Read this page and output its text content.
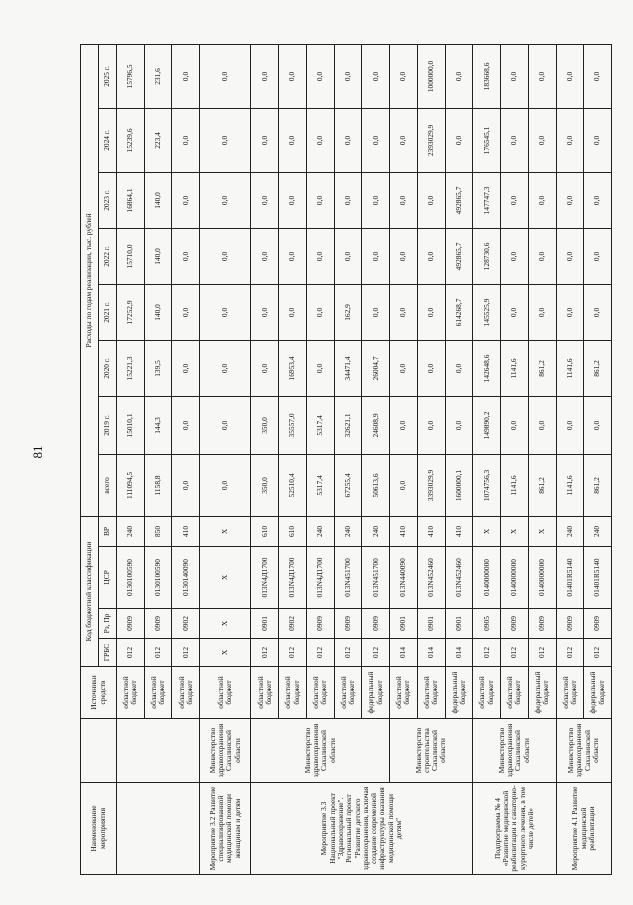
81
Наименование мероприятия		Источники средств	Код бюджетной классификации				Расходы по годам реализации, тыс. рублей							
			ГРБС	Рз, Пр	ЦСР	ВР	всего	2019 г.	2020 г.	2021 г.	2022 г.	2023 г.	2024 г.	2025 г.
		областной бюджет	012	0909	0130100590	240	111094,5	15010,1	15221,3	17252,9	15710,0	16864,1	15239,6	15796,5
		областной бюджет	012	0909	0130100590	850	1158,8	144,3	139,5	140,0	140,0	140,0	223,4	231,6
		областной бюджет	012	0902	0130140090	410	0,0	0,0	0,0	0,0	0,0	0,0	0,0	0,0
Мероприятие 3.2 Развитие специализированной медицинской помощи женщинам и детям	Министерство здравоохранения Сахалинской области	областной бюджет	X	X	X	X	0,0	0,0	0,0	0,0	0,0	0,0	0,0	0,0
Мероприятие 3.3 Национальный проект "Здравоохранение". Региональный проект "Развитие детского здравоохранения, включая создание современной инфраструктуры оказания медицинской помощи детям"	Министерство здравоохранения Сахалинской области	областной бюджет	012	0901	013N4Д1700	610	350,0	350,0	0,0	0,0	0,0	0,0	0,0	0,0
		областной бюджет	012	0902	013N4Д1700	610	52510,4	35557,0	16953,4	0,0	0,0	0,0	0,0	0,0
		областной бюджет	012	0909	013N4Д1700	240	5317,4	5317,4	0,0	0,0	0,0	0,0	0,0	0,0
		областной бюджет	012	0909	013N451700	240	67255,4	32621,1	34471,4	162,9	0,0	0,0	0,0	0,0
		федеральный бюджет	012	0909	013N451700	240	50613,6	24608,9	26004,7	0,0	0,0	0,0	0,0	0,0
	Министерство строительства Сахалинской области	областной бюджет	014	0901	013N440090	410	0,0	0,0	0,0	0,0	0,0	0,0	0,0	0,0
		областной бюджет	014	0901	013N452460	410	3393029,9	0,0	0,0	0,0	0,0	0,0	2393029,9	1000000,0
		федеральный бюджет	014	0901	013N452460	410	1600000,1	0,0	0,0	614268,7	492865,7	492865,7	0,0	0,0
Подпрограмма № 4 «Развитие медицинской реабилитации и санаторно-курортного лечения, в том числе детей»	Министерство здравоохранения Сахалинской области	областной бюджет	012	0905	0140000000	X	1074756,3	149890,2	142648,6	145525,9	128730,6	147747,3	176545,1	183668,6
		областной бюджет	012	0909	0140000000	X	1141,6	0,0	1141,6	0,0	0,0	0,0	0,0	0,0
		федеральный бюджет	012	0909	0140000000	X	861,2	0,0	861,2	0,0	0,0	0,0	0,0	0,0
Мероприятие 4.1 Развитие медицинской реабилитации	Министерство здравоохранения Сахалинской области	областной бюджет	012	0909	01401R5140	240	1141,6	0,0	1141,6	0,0	0,0	0,0	0,0	0,0
		федеральный бюджет	012	0909	01401R5140	240	861,2	0,0	861,2	0,0	0,0	0,0	0,0	0,0
